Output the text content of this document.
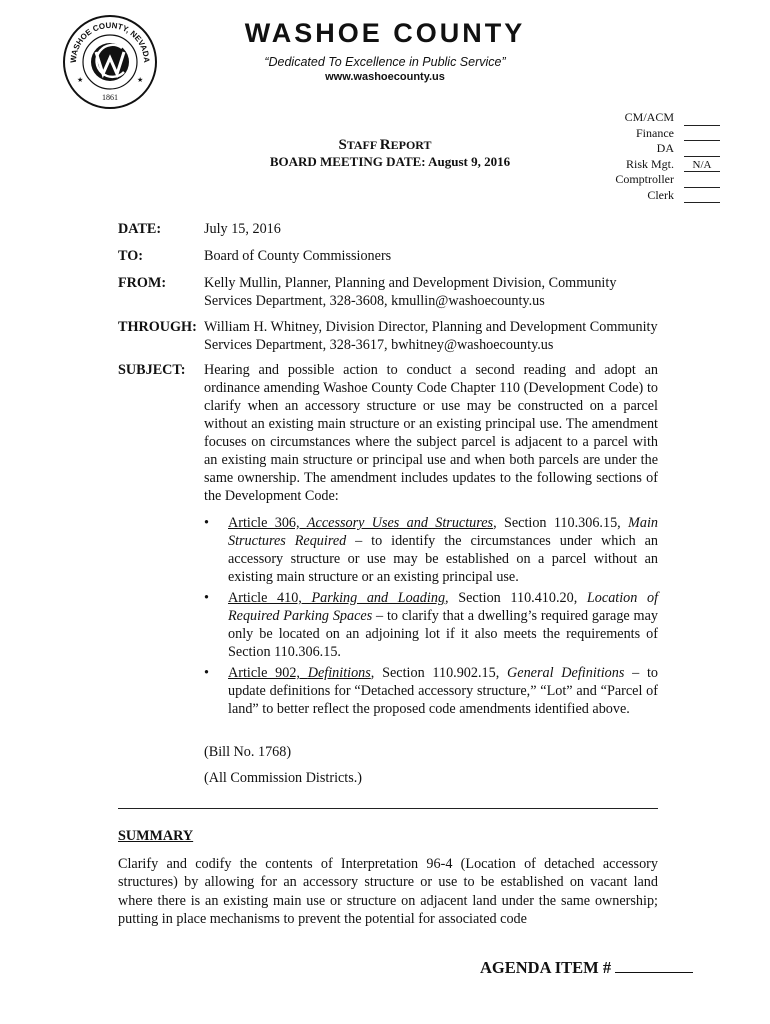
WASHOE COUNTY, NEVADA
1861
★	★
WASHOE COUNTY
“Dedicated To Excellence in Public Service”
www.washoecounty.us
STAFF REPORT
BOARD MEETING DATE: August 9, 2016
CM/ACM
Finance
DA
Risk Mgt.	N/A
Comptroller
Clerk
DATE:	July 15, 2016
TO:	Board of County Commissioners
FROM:	Kelly Mullin, Planner, Planning and Development Division, Community Services Department, 328-3608, kmullin@washoecounty.us
THROUGH: William H. Whitney, Division Director, Planning and Development Community Services Department, 328-3617, bwhitney@washoecounty.us
SUBJECT: Hearing and possible action to conduct a second reading and adopt an ordinance amending Washoe County Code Chapter 110 (Development Code) to clarify when an accessory structure or use may be constructed on a parcel without an existing main structure or an existing principal use. The amendment focuses on circumstances where the subject parcel is adjacent to a parcel with an existing main structure or principal use and when both parcels are under the same ownership. The amendment includes updates to the following sections of the Development Code:
• Article 306, Accessory Uses and Structures, Section 110.306.15, Main Structures Required – to identify the circumstances under which an accessory structure or use may be established on a parcel without an existing main structure or an existing principal use.
• Article 410, Parking and Loading, Section 110.410.20, Location of Required Parking Spaces – to clarify that a dwelling’s required garage may only be located on an adjoining lot if it also meets the requirements of Section 110.306.15.
• Article 902, Definitions, Section 110.902.15, General Definitions – to update definitions for “Detached accessory structure,” “Lot” and “Parcel of land” to better reflect the proposed code amendments identified above.
(Bill No. 1768)
(All Commission Districts.)
SUMMARY
Clarify and codify the contents of Interpretation 96-4 (Location of detached accessory structures) by allowing for an accessory structure or use to be established on vacant land where there is an existing main use or structure on adjacent land under the same ownership; putting in place mechanisms to prevent the potential for associated code
AGENDA ITEM #
